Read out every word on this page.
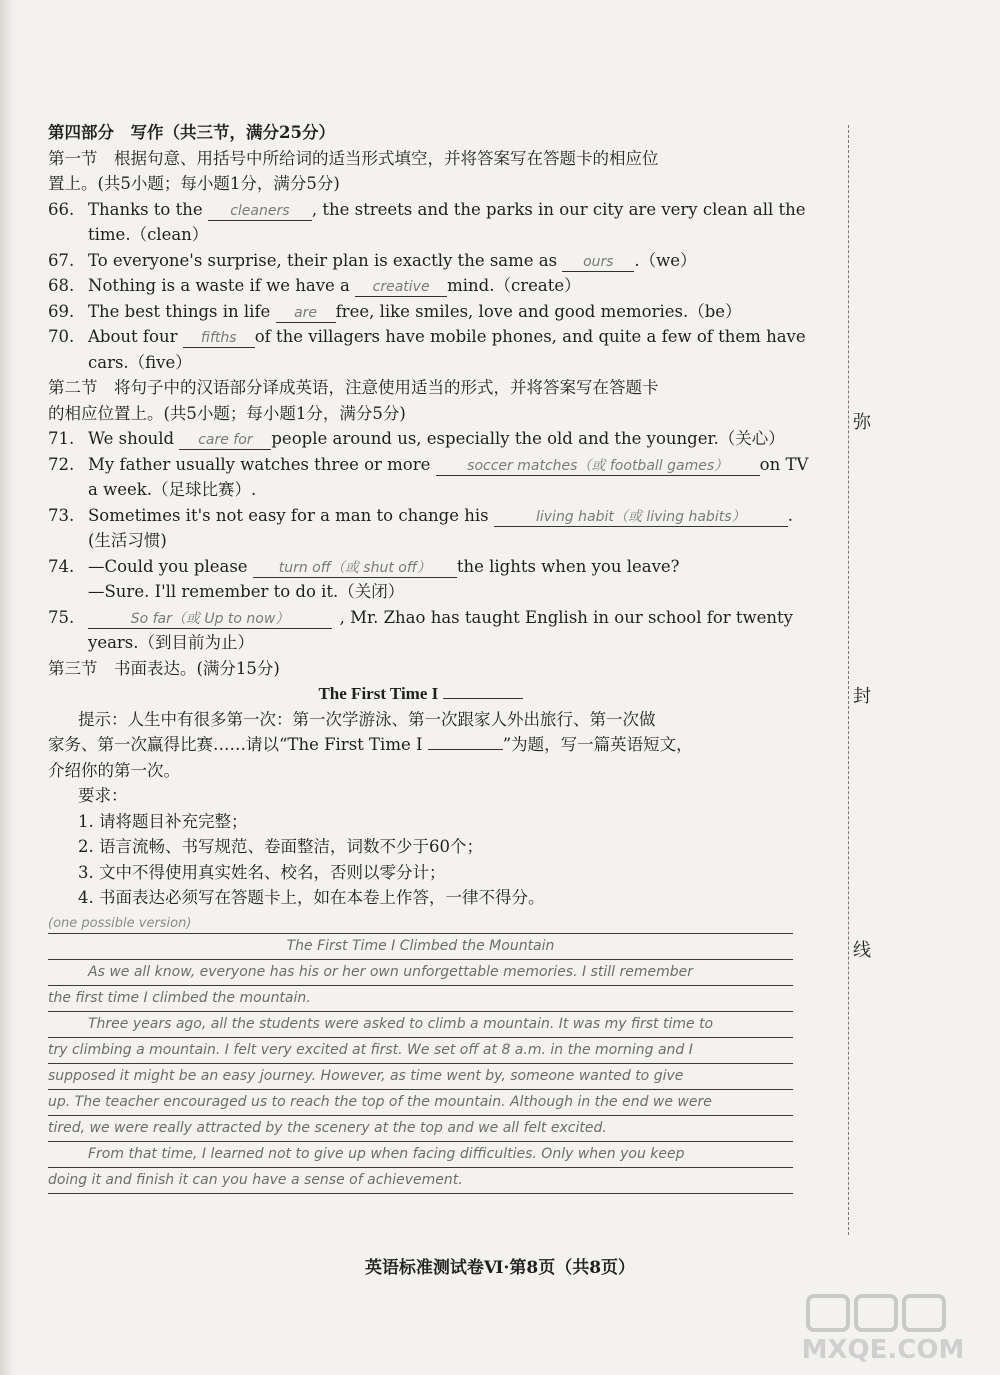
第四部分　写作（共三节，满分25分）
第一节　根据句意、用括号中所给词的适当形式填空，并将答案写在答题卡的相应位
置上。(共5小题；每小题1分，满分5分)
66. Thanks to the cleaners	, the streets and the parks in our city are very clean all the
time.（clean）
67. To everyone's surprise, their plan is exactly the same as ours .（we）
68. Nothing is a waste if we have a creative mind.（create）
69. The best things in life are free, like smiles, love and good memories.（be）
70. About four fifths	of the villagers have mobile phones, and quite a few of them have
cars.（five）
第二节　将句子中的汉语部分译成英语，注意使用适当的形式，并将答案写在答题卡
的相应位置上。(共5小题；每小题1分，满分5分)
71. We should care for people around us, especially the old and the younger.（关心）
72. My father usually watches three or more	soccer matches（或 football games）	on TV
a week.（足球比赛）.
73. Sometimes it's not easy for a man to change his	living habit（或 living habits）	.
(生活习惯)
74. —Could you please turn off（或 shut off） the lights when you leave?
—Sure. I'll remember to do it.（关闭）
75.	So far（或 Up to now）	, Mr. Zhao has taught English in our school for twenty
years.（到目前为止）
第三节　书面表达。(满分15分)
The First Time I
提示：人生中有很多第一次：第一次学游泳、第一次跟家人外出旅行、第一次做
家务、第一次赢得比赛……请以“The First Time I	”为题，写一篇英语短文，
介绍你的第一次。
要求：
1. 请将题目补充完整；
2. 语言流畅、书写规范、卷面整洁，词数不少于60个；
3. 文中不得使用真实姓名、校名，否则以零分计；
4. 书面表达必须写在答题卡上，如在本卷上作答，一律不得分。
(one possible version)
The First Time I Climbed the Mountain
As we all know, everyone has his or her own unforgettable memories. I still remember
the first time I climbed the mountain.
Three years ago, all the students were asked to climb a mountain. It was my first time to
try climbing a mountain. I felt very excited at first. We set off at 8 a.m. in the morning and I
supposed it might be an easy journey. However, as time went by, someone wanted to give
up. The teacher encouraged us to reach the top of the mountain. Although in the end we were
tired, we were really attracted by the scenery at the top and we all felt excited.
From that time, I learned not to give up when facing difficulties. Only when you keep
doing it and finish it can you have a sense of achievement.
弥
封
线
英语标准测试卷Ⅵ·第8页（共8页）
MXQE.COM
